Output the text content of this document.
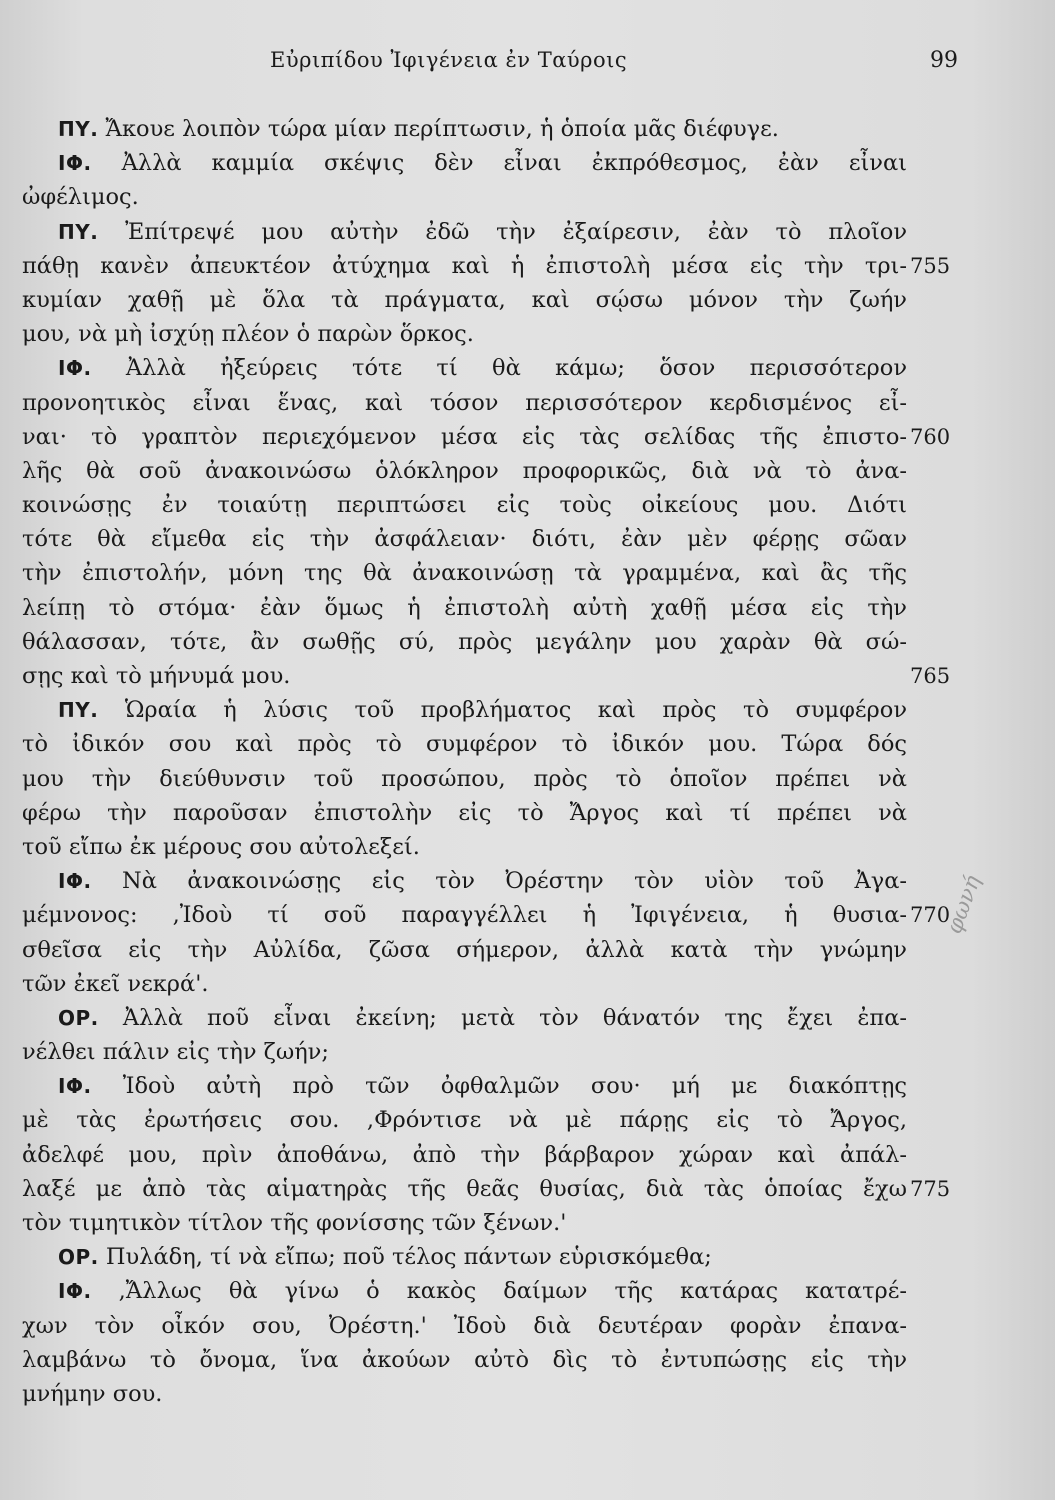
Εὐριπίδου Ἰφιγένεια ἐν Ταύροις	99
ΠΥ. Ἄκουε λοιπὸν τώρα μίαν περίπτωσιν, ἡ ὁποία μᾶς διέφυγε.
ΙΦ. Ἀλλὰ καμμία σκέψις δὲν εἶναι ἐκπρόθεσμος, ἐὰν εἶναι
ὠφέλιμος.
ΠΥ. Ἐπίτρεψέ μου αὐτὴν ἐδῶ τὴν ἐξαίρεσιν, ἐὰν τὸ πλοῖον
πάθῃ κανὲν ἀπευκτέον ἀτύχημα καὶ ἡ ἐπιστολὴ μέσα εἰς τὴν τρι- 755
κυμίαν χαθῇ μὲ ὅλα τὰ πράγματα, καὶ σῴσω μόνον τὴν ζωήν
μου, νὰ μὴ ἰσχύῃ πλέον ὁ παρὼν ὅρκος.
ΙΦ. Ἀλλὰ ἠξεύρεις τότε τί θὰ κάμω; ὅσον περισσότερον
προνοητικὸς εἶναι ἕνας, καὶ τόσον περισσότερον κερδισμένος εἶ-
ναι· τὸ γραπτὸν περιεχόμενον μέσα εἰς τὰς σελίδας τῆς ἐπιστο- 760
λῆς θὰ σοῦ ἀνακοινώσω ὁλόκληρον προφορικῶς, διὰ νὰ τὸ ἀνα-
κοινώσῃς ἐν τοιαύτῃ περιπτώσει εἰς τοὺς οἰκείους μου. Διότι
τότε θὰ εἴμεθα εἰς τὴν ἀσφάλειαν· διότι, ἐὰν μὲν φέρῃς σῶαν
τὴν ἐπιστολήν, μόνη της θὰ ἀνακοινώσῃ τὰ γραμμένα, καὶ ἂς τῆς
λείπῃ τὸ στόμα· ἐὰν ὅμως ἡ ἐπιστολὴ αὐτὴ χαθῇ μέσα εἰς τὴν
θάλασσαν, τότε, ἂν σωθῇς σύ, πρὸς μεγάλην μου χαρὰν θὰ σώ-
σῃς καὶ τὸ μήνυμά μου.	765
ΠΥ. Ὡραία ἡ λύσις τοῦ προβλήματος καὶ πρὸς τὸ συμφέρον
τὸ ἰδικόν σου καὶ πρὸς τὸ συμφέρον τὸ ἰδικόν μου. Τώρα δός
μου τὴν διεύθυνσιν τοῦ προσώπου, πρὸς τὸ ὁποῖον πρέπει νὰ
φέρω τὴν παροῦσαν ἐπιστολὴν εἰς τὸ Ἄργος καὶ τί πρέπει νὰ
τοῦ εἴπω ἐκ μέρους σου αὐτολεξεί.
ΙΦ. Νὰ ἀνακοινώσῃς εἰς τὸν Ὀρέστην τὸν υἱὸν τοῦ Ἀγα-
μέμνονος: ,Ἰδοὺ τί σοῦ παραγγέλλει ἡ Ἰφιγένεια, ἡ θυσια- 770
σθεῖσα εἰς τὴν Αὐλίδα, ζῶσα σήμερον, ἀλλὰ κατὰ τὴν γνώμην
τῶν ἐκεῖ νεκρά'.
ΟΡ. Ἀλλὰ ποῦ εἶναι ἐκείνη; μετὰ τὸν θάνατόν της ἔχει ἐπα-
νέλθει πάλιν εἰς τὴν ζωήν;
ΙΦ. Ἰδοὺ αὐτὴ πρὸ τῶν ὀφθαλμῶν σου· μή με διακόπτῃς
μὲ τὰς ἐρωτήσεις σου. ,Φρόντισε νὰ μὲ πάρῃς εἰς τὸ Ἄργος,
ἀδελφέ μου, πρὶν ἀποθάνω, ἀπὸ τὴν βάρβαρον χώραν καὶ ἀπάλ-
λαξέ με ἀπὸ τὰς αἱματηρὰς τῆς θεᾶς θυσίας, διὰ τὰς ὁποίας ἔχω 775
τὸν τιμητικὸν τίτλον τῆς φονίσσης τῶν ξένων.'
ΟΡ. Πυλάδη, τί νὰ εἴπω; ποῦ τέλος πάντων εὑρισκόμεθα;
ΙΦ. ,Ἄλλως θὰ γίνω ὁ κακὸς δαίμων τῆς κατάρας κατατρέ-
χων τὸν οἶκόν σου, Ὀρέστη.' Ἰδοὺ διὰ δευτέραν φορὰν ἐπανα-
λαμβάνω τὸ ὄνομα, ἵνα ἀκούων αὐτὸ δὶς τὸ ἐντυπώσῃς εἰς τὴν
μνήμην σου.
φωνή
